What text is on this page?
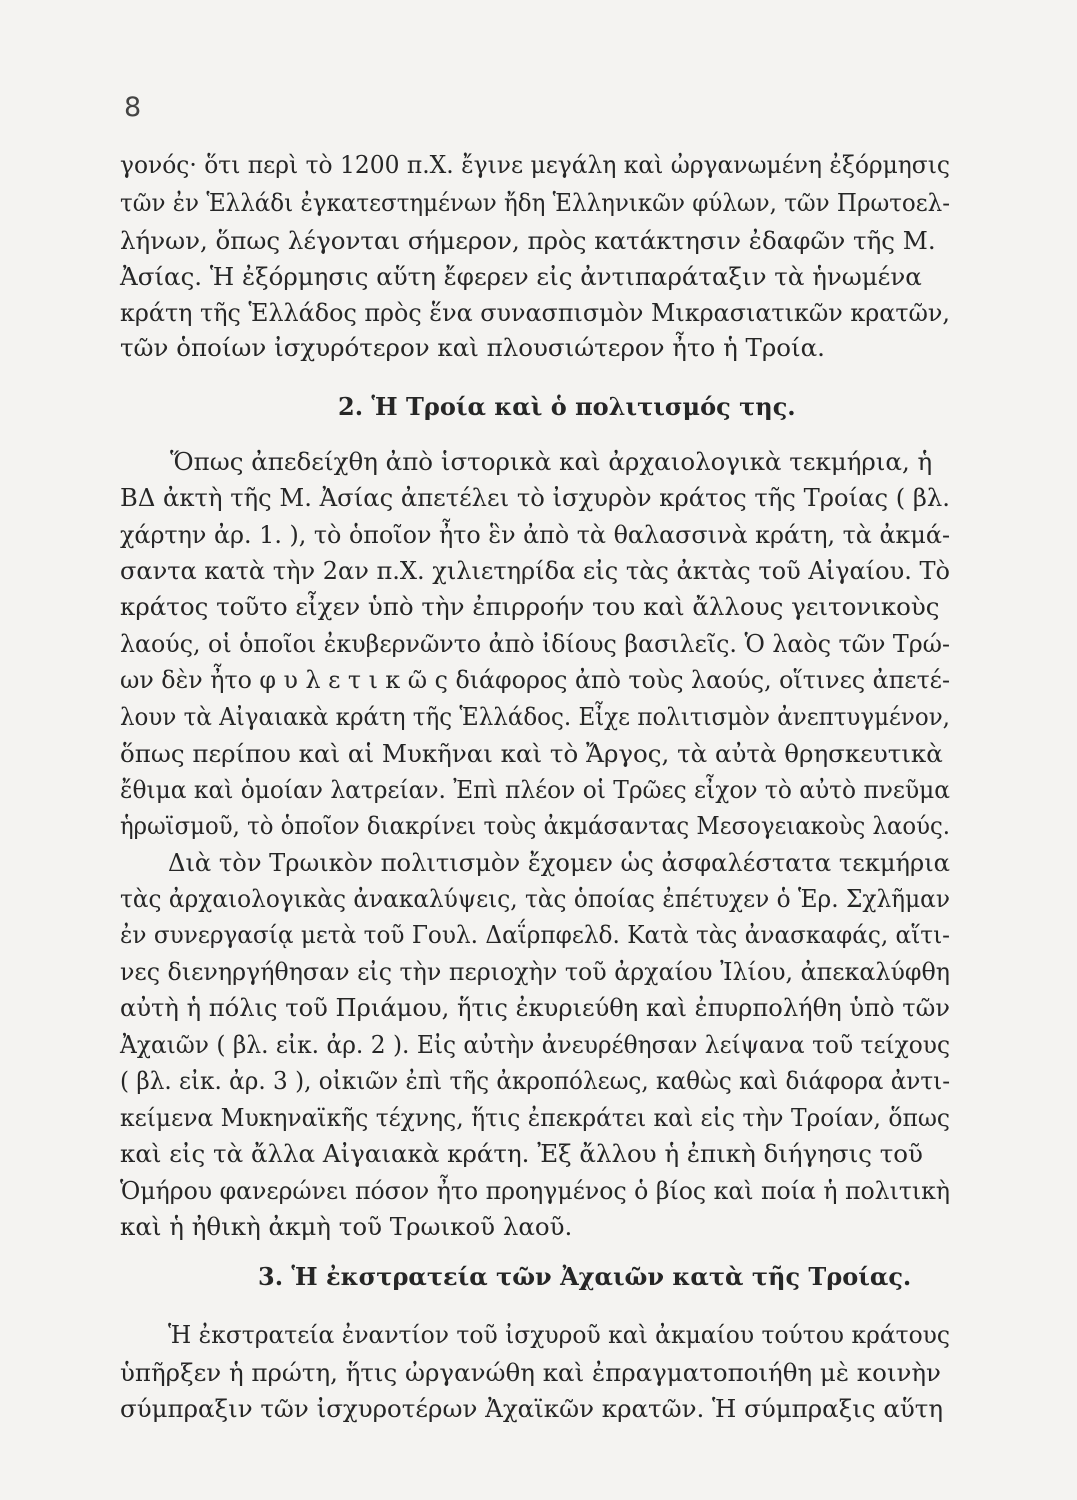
8
γονός· ὅτι περὶ τὸ 1200 π.Χ. ἔγινε μεγάλη καὶ ὠργανωμένη ἐξόρμησις
τῶν ἐν Ἑλλάδι ἐγκατεστημένων ἤδη Ἑλληνικῶν φύλων, τῶν Πρωτοελ-
λήνων, ὅπως λέγονται σήμερον, πρὸς κατάκτησιν ἐδαφῶν τῆς Μ.
Ἀσίας. Ἡ ἐξόρμησις αὕτη ἔφερεν εἰς ἀντιπαράταξιν τὰ ἡνωμένα
κράτη τῆς Ἑλλάδος πρὸς ἕνα συνασπισμὸν Μικρασιατικῶν κρατῶν,
τῶν ὁποίων ἰσχυρότερον καὶ πλουσιώτερον ἦτο ἡ Τροία.
2. Ἡ Τροία καὶ ὁ πολιτισμός της.
Ὅπως ἀπεδείχθη ἀπὸ ἱστορικὰ καὶ ἀρχαιολογικὰ τεκμήρια, ἡ
ΒΔ ἀκτὴ τῆς Μ. Ἀσίας ἀπετέλει τὸ ἰσχυρὸν κράτος τῆς Τροίας ( βλ.
χάρτην ἀρ. 1. ), τὸ ὁποῖον ἦτο ἓν ἀπὸ τὰ θαλασσινὰ κράτη, τὰ ἀκμά-
σαντα κατὰ τὴν 2αν π.Χ. χιλιετηρίδα εἰς τὰς ἀκτὰς τοῦ Αἰγαίου. Τὸ
κράτος τοῦτο εἶχεν ὑπὸ τὴν ἐπιρροήν του καὶ ἄλλους γειτονικοὺς
λαούς, οἱ ὁποῖοι ἐκυβερνῶντο ἀπὸ ἰδίους βασιλεῖς. Ὁ λαὸς τῶν Τρώ-
ων δὲν ἦτο φ υ λ ε τ ι κ ῶ ς διάφορος ἀπὸ τοὺς λαούς, οἵτινες ἀπετέ-
λουν τὰ Αἰγαιακὰ κράτη τῆς Ἑλλάδος. Εἶχε πολιτισμὸν ἀνεπτυγμένον,
ὅπως περίπου καὶ αἱ Μυκῆναι καὶ τὸ Ἄργος, τὰ αὐτὰ θρησκευτικὰ
ἔθιμα καὶ ὁμοίαν λατρείαν. Ἐπὶ πλέον οἱ Τρῶες εἶχον τὸ αὐτὸ πνεῦμα
ἡρωϊσμοῦ, τὸ ὁποῖον διακρίνει τοὺς ἀκμάσαντας Μεσογειακοὺς λαούς.
Διὰ τὸν Τρωικὸν πολιτισμὸν ἔχομεν ὡς ἀσφαλέστατα τεκμήρια
τὰς ἀρχαιολογικὰς ἀνακαλύψεις, τὰς ὁποίας ἐπέτυχεν ὁ Ἑρ. Σχλῆμαν
ἐν συνεργασίᾳ μετὰ τοῦ Γουλ. Δαΐρπφελδ. Κατὰ τὰς ἀνασκαφάς, αἵτι-
νες διενηργήθησαν εἰς τὴν περιοχὴν τοῦ ἀρχαίου Ἰλίου, ἀπεκαλύφθη
αὐτὴ ἡ πόλις τοῦ Πριάμου, ἥτις ἐκυριεύθη καὶ ἐπυρπολήθη ὑπὸ τῶν
Ἀχαιῶν ( βλ. εἰκ. ἀρ. 2 ). Εἰς αὐτὴν ἀνευρέθησαν λείψανα τοῦ τείχους
( βλ. εἰκ. ἀρ. 3 ), οἰκιῶν ἐπὶ τῆς ἀκροπόλεως, καθὼς καὶ διάφορα ἀντι-
κείμενα Μυκηναϊκῆς τέχνης, ἥτις ἐπεκράτει καὶ εἰς τὴν Τροίαν, ὅπως
καὶ εἰς τὰ ἄλλα Αἰγαιακὰ κράτη. Ἐξ ἄλλου ἡ ἐπικὴ διήγησις τοῦ
Ὁμήρου φανερώνει πόσον ἦτο προηγμένος ὁ βίος καὶ ποία ἡ πολιτικὴ
καὶ ἡ ἠθικὴ ἀκμὴ τοῦ Τρωικοῦ λαοῦ.
3. Ἡ ἐκστρατεία τῶν Ἀχαιῶν κατὰ τῆς Τροίας.
Ἡ ἐκστρατεία ἐναντίον τοῦ ἰσχυροῦ καὶ ἀκμαίου τούτου κράτους
ὑπῆρξεν ἡ πρώτη, ἥτις ὠργανώθη καὶ ἐπραγματοποιήθη μὲ κοινὴν
σύμπραξιν τῶν ἰσχυροτέρων Ἀχαϊκῶν κρατῶν. Ἡ σύμπραξις αὕτη
